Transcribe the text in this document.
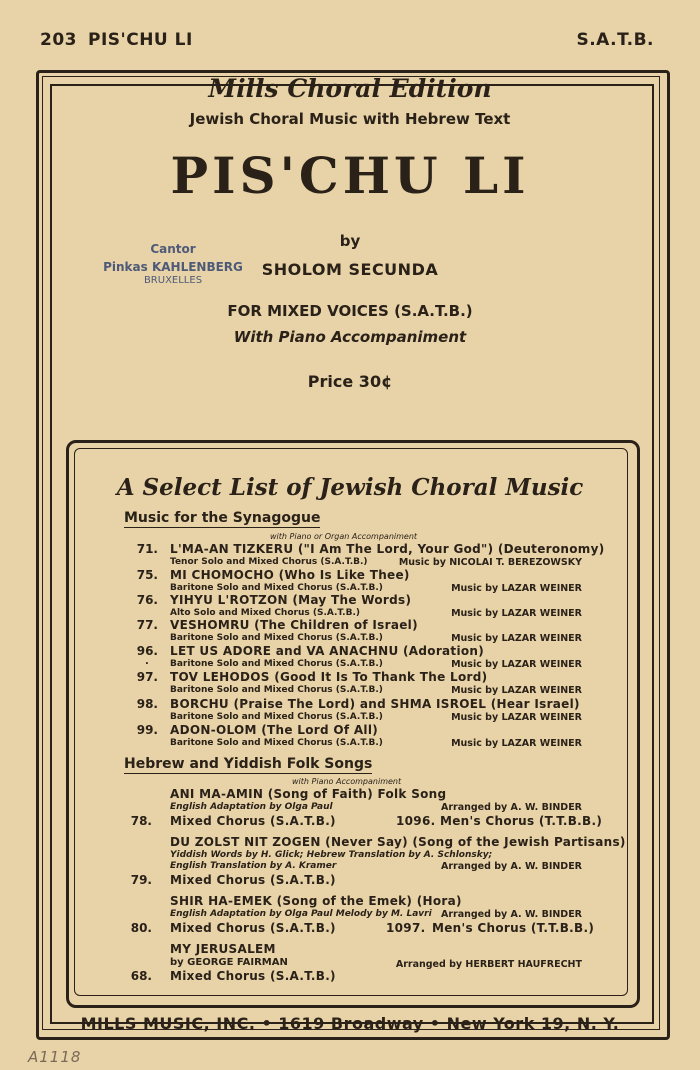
203 PIS'CHU LI	S.A.T.B.
Mills Choral Edition
Jewish Choral Music with Hebrew Text
PIS'CHU LI
by
SHOLOM SECUNDA
FOR MIXED VOICES (S.A.T.B.)
With Piano Accompaniment
Price 30¢
Cantor
Pinkas KAHLENBERG
BRUXELLES
A Select List of Jewish Choral Music
Music for the Synagogue
with Piano or Organ Accompaniment
71. L'MA-AN TIZKERU ("I Am The Lord, Your God") (Deuteronomy)
Tenor Solo and Mixed Chorus (S.A.T.B.)	Music by NICOLAI T. BEREZOWSKY
75. MI CHOMOCHO (Who Is Like Thee)
Baritone Solo and Mixed Chorus (S.A.T.B.)	Music by LAZAR WEINER
76. YIHYU L'ROTZON (May The Words)
Alto Solo and Mixed Chorus (S.A.T.B.)	Music by LAZAR WEINER
77. VESHOMRU (The Children of Israel)
Baritone Solo and Mixed Chorus (S.A.T.B.)	Music by LAZAR WEINER
96. LET US ADORE and VA ANACHNU (Adoration)
. Baritone Solo and Mixed Chorus (S.A.T.B.)	Music by LAZAR WEINER
97. TOV LEHODOS (Good It Is To Thank The Lord)
Baritone Solo and Mixed Chorus (S.A.T.B.)	Music by LAZAR WEINER
98. BORCHU (Praise The Lord) and SHMA ISROEL (Hear Israel)
Baritone Solo and Mixed Chorus (S.A.T.B.)	Music by LAZAR WEINER
99. ADON-OLOM (The Lord Of All)
Baritone Solo and Mixed Chorus (S.A.T.B.)	Music by LAZAR WEINER
Hebrew and Yiddish Folk Songs
with Piano Accompaniment
ANI MA-AMIN (Song of Faith) Folk Song
English Adaptation by Olga Paul	Arranged by A. W. BINDER
78. Mixed Chorus (S.A.T.B.)	1096. Men's Chorus (T.T.B.B.)
DU ZOLST NIT ZOGEN (Never Say) (Song of the Jewish Partisans)
Yiddish Words by H. Glick; Hebrew Translation by A. Schlonsky;
English Translation by A. Kramer	Arranged by A. W. BINDER
79. Mixed Chorus (S.A.T.B.)
SHIR HA-EMEK (Song of the Emek) (Hora)
English Adaptation by Olga Paul Melody by M. Lavri Arranged by A. W. BINDER
80. Mixed Chorus (S.A.T.B.)	1097. Men's Chorus (T.T.B.B.)
MY JERUSALEM
by GEORGE FAIRMAN	Arranged by HERBERT HAUFRECHT
68. Mixed Chorus (S.A.T.B.)
MILLS MUSIC, INC. • 1619 Broadway • New York 19, N. Y.
A1118
